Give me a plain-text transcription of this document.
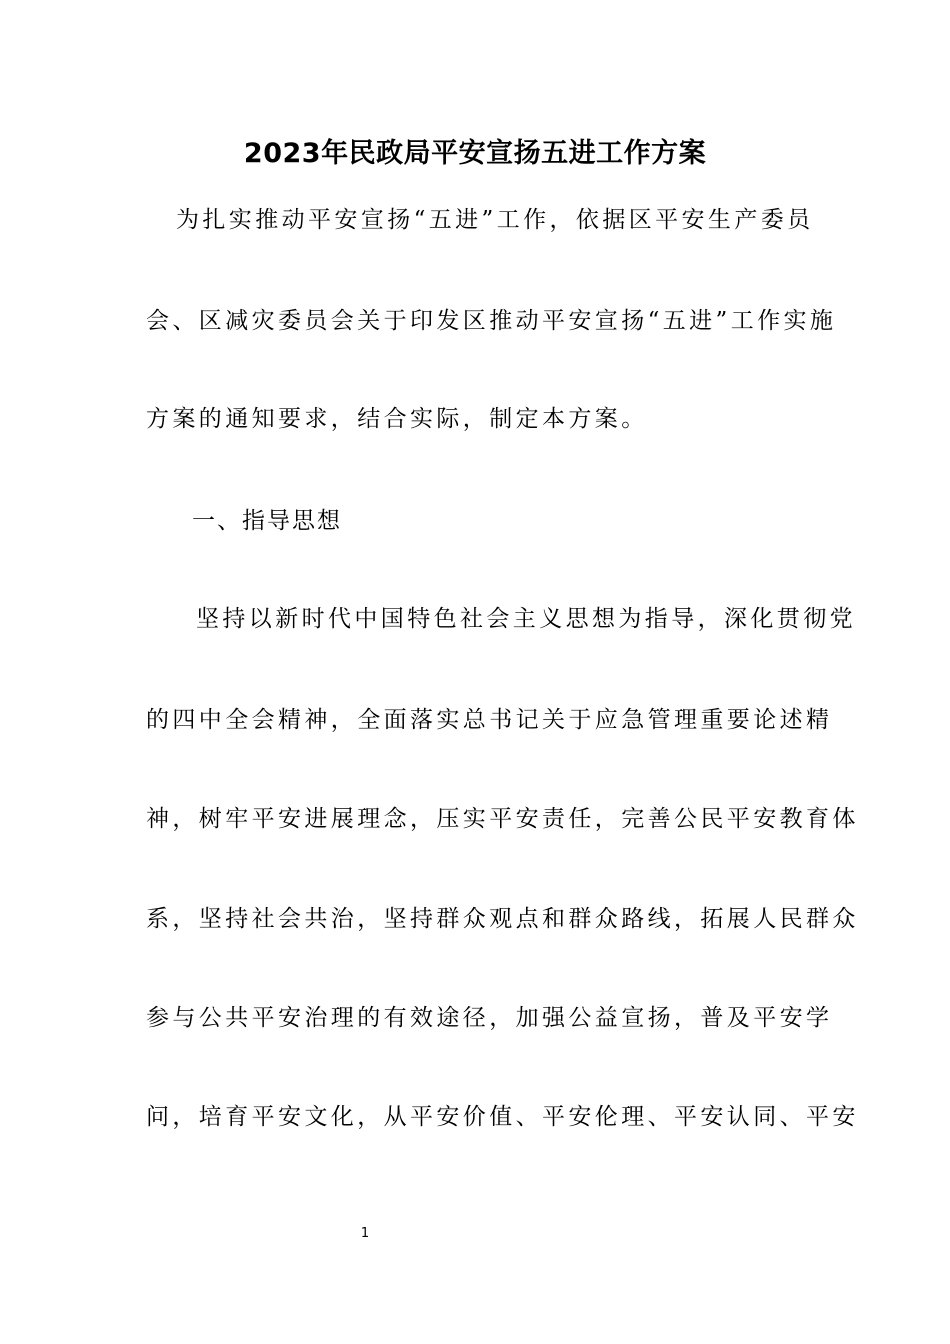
2023年民政局平安宣扬五进工作方案

为扎实推动平安宣扬“五进”工作，依据区平安生产委员

会、区减灾委员会关于印发区推动平安宣扬“五进”工作实施

方案的通知要求，结合实际，制定本方案。

一、指导思想

坚持以新时代中国特色社会主义思想为指导，深化贯彻党

的四中全会精神，全面落实总书记关于应急管理重要论述精

神，树牢平安进展理念，压实平安责任，完善公民平安教育体

系，坚持社会共治，坚持群众观点和群众路线，拓展人民群众

参与公共平安治理的有效途径，加强公益宣扬，普及平安学

问，培育平安文化，从平安价值、平安伦理、平安认同、平安

1
